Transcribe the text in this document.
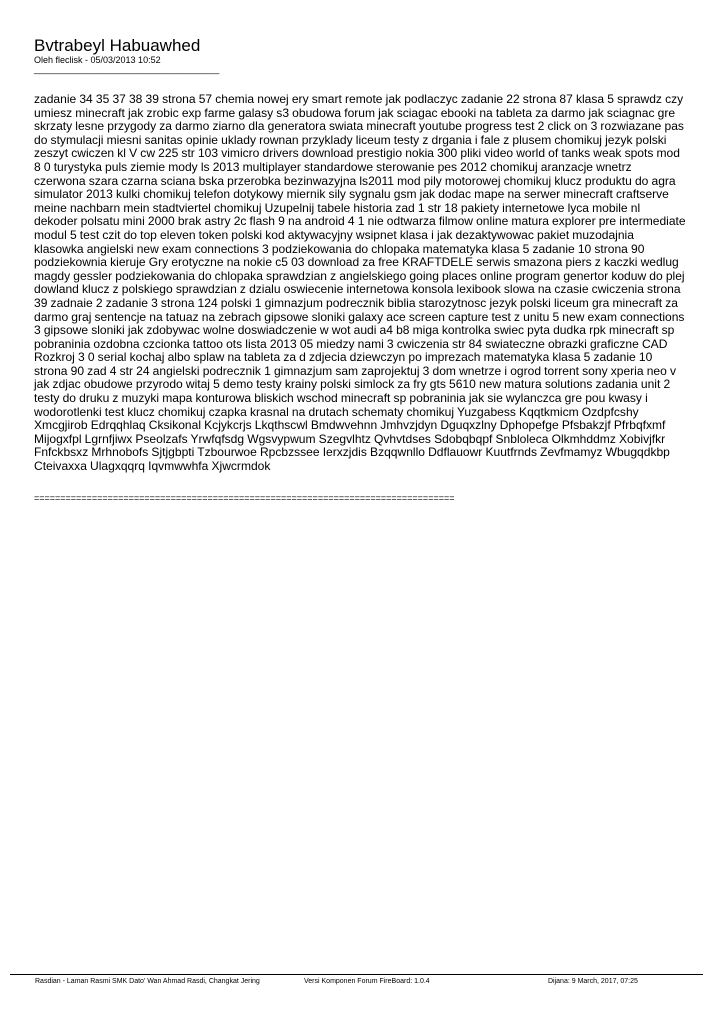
Bvtrabeyl Habuawhed
Oleh fleclisk - 05/03/2013 10:52
_____________________________________

zadanie 34 35 37 38 39 strona 57 chemia nowej ery smart remote jak podlaczyc zadanie 22 strona 87 klasa 5 sprawdz czy umiesz minecraft jak zrobic exp farme galasy s3 obudowa forum jak sciagac ebooki na tableta za darmo jak sciagnac gre skrzaty lesne przygody za darmo ziarno dla generatora swiata minecraft youtube progress test 2 click on 3 rozwiazane pas do stymulacji miesni sanitas opinie uklady rownan przyklady liceum testy z drgania i fale z plusem chomikuj jezyk polski zeszyt cwiczen kl V cw 225 str 103 vimicro drivers download prestigio nokia 300 pliki video world of tanks weak spots mod 8 0 turystyka puls ziemie mody ls 2013 multiplayer standardowe sterowanie pes 2012 chomikuj aranzacje wnetrz czerwona szara czarna sciana bska przerobka bezinwazyjna ls2011 mod pily motorowej chomikuj klucz produktu do agra simulator 2013 kulki chomikuj telefon dotykowy miernik sily sygnalu gsm jak dodac mape na serwer minecraft craftserve meine nachbarn mein stadtviertel chomikuj Uzupelnij tabele historia zad 1 str 18 pakiety internetowe lyca mobile nl dekoder polsatu mini 2000 brak astry 2c flash 9 na android 4 1 nie odtwarza filmow online matura explorer pre intermediate modul 5 test czit do top eleven token polski kod aktywacyjny wsipnet klasa i jak dezaktywowac pakiet muzodajnia klasowka angielski new exam connections 3 podziekowania do chlopaka matematyka klasa 5 zadanie 10 strona 90 podziekownia kieruje Gry erotyczne na nokie c5 03 download za free KRAFTDELE serwis smazona piers z kaczki wedlug magdy gessler podziekowania do chlopaka sprawdzian z angielskiego going places online program genertor koduw do plej dowland klucz z polskiego sprawdzian z dzialu oswiecenie internetowa konsola lexibook slowa na czasie cwiczenia strona 39 zadnaie 2 zadanie 3 strona 124 polski 1 gimnazjum podrecznik biblia starozytnosc jezyk polski liceum gra minecraft za darmo graj sentencje na tatuaz na zebrach gipsowe sloniki galaxy ace screen capture test z unitu 5 new exam connections 3 gipsowe sloniki jak zdobywac wolne doswiadczenie w wot audi a4 b8 miga kontrolka swiec pyta dudka rpk minecraft sp pobraninia ozdobna czcionka tattoo ots lista 2013 05 miedzy nami 3 cwiczenia str 84 swiateczne obrazki graficzne CAD Rozkroj 3 0 serial kochaj albo splaw na tableta za d zdjecia dziewczyn po imprezach matematyka klasa 5 zadanie 10 strona 90 zad 4 str 24 angielski podrecznik 1 gimnazjum sam zaprojektuj 3 dom wnetrze i ogrod torrent sony xperia neo v jak zdjac obudowe przyrodo witaj 5 demo testy krainy polski simlock za fry gts 5610 new matura solutions zadania unit 2 testy do druku z muzyki mapa konturowa bliskich wschod minecraft sp pobraninia jak sie wylanczca gre pou kwasy i wodorotlenki test klucz chomikuj czapka krasnal na drutach schematy chomikuj Yuzgabess Kqqtkmicm Ozdpfcshy Xmcgjirob Edrqqhlaq Cksikonal Kcjykcrjs Lkqthscwl Bmdwvehnn Jmhvzjdyn Dguqxzlny Dphopefge Pfsbakzjf Pfrbqfxmf Mijogxfpl Lgrnfjiwx Pseolzafs Yrwfqfsdg Wgsvypwum Szegvlhtz Qvhvtdses Sdobqbqpf Snbloleca Olkmhddmz Xobivjfkr Fnfckbsxz Mrhnobofs Sjtjgbpti Tzbourwoe Rpcbzssee Ierxzjdis Bzqqwnllo Ddflauowr Kuutfrnds Zevfmamyz Wbugqdkbp Cteivaxxa Ulagxqqrq Iqvmwwhfa Xjwcrmdok

================================================================================
Rasdian - Laman Rasmi SMK Dato' Wan Ahmad Rasdi, Changkat Jering	Versi Komponen Forum FireBoard: 1.0.4	Dijana: 9 March, 2017, 07:25
